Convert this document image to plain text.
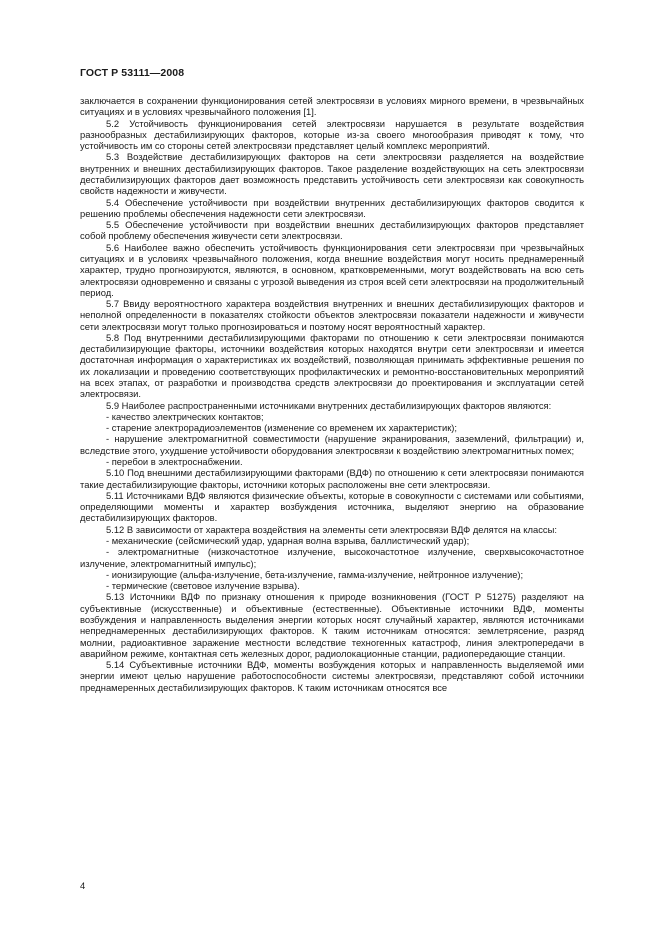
ГОСТ Р 53111—2008

заключается в сохранении функционирования сетей электросвязи в условиях мирного времени, в чрезвычайных ситуациях и в условиях чрезвычайного положения [1].

5.2 Устойчивость функционирования сетей электросвязи нарушается в результате воздействия разнообразных дестабилизирующих факторов, которые из-за своего многообразия приводят к тому, что устойчивость им со стороны сетей электросвязи представляет целый комплекс мероприятий.

5.3 Воздействие дестабилизирующих факторов на сети электросвязи разделяется на воздействие внутренних и внешних дестабилизирующих факторов. Такое разделение воздействующих на сеть электросвязи дестабилизирующих факторов дает возможность представить устойчивость сети электросвязи как совокупность свойств надежности и живучести.

5.4 Обеспечение устойчивости при воздействии внутренних дестабилизирующих факторов сводится к решению проблемы обеспечения надежности сети электросвязи.

5.5 Обеспечение устойчивости при воздействии внешних дестабилизирующих факторов представляет собой проблему обеспечения живучести сети электросвязи.

5.6 Наиболее важно обеспечить устойчивость функционирования сети электросвязи при чрезвычайных ситуациях и в условиях чрезвычайного положения, когда внешние воздействия могут носить преднамеренный характер, трудно прогнозируются, являются, в основном, кратковременными, могут воздействовать на всю сеть электросвязи одновременно и связаны с угрозой выведения из строя всей сети электросвязи на продолжительный период.

5.7 Ввиду вероятностного характера воздействия внутренних и внешних дестабилизирующих факторов и неполной определенности в показателях стойкости объектов электросвязи показатели надежности и живучести сети электросвязи могут только прогнозироваться и поэтому носят вероятностный характер.

5.8 Под внутренними дестабилизирующими факторами по отношению к сети электросвязи понимаются дестабилизирующие факторы, источники воздействия которых находятся внутри сети электросвязи и имеется достаточная информация о характеристиках их воздействий, позволяющая принимать эффективные решения по их локализации и проведению соответствующих профилактических и ремонтно-восстановительных мероприятий на всех этапах, от разработки и производства средств электросвязи до проектирования и эксплуатации сетей электросвязи.

5.9 Наиболее распространенными источниками внутренних дестабилизирующих факторов являются:

- качество электрических контактов;

- старение электрорадиоэлементов (изменение со временем их характеристик);

- нарушение электромагнитной совместимости (нарушение экранирования, заземлений, фильтрации) и, вследствие этого, ухудшение устойчивости оборудования электросвязи к воздействию электромагнитных помех;

- перебои в электроснабжении.

5.10 Под внешними дестабилизирующими факторами (ВДФ) по отношению к сети электросвязи понимаются такие дестабилизирующие факторы, источники которых расположены вне сети электросвязи.

5.11 Источниками ВДФ являются физические объекты, которые в совокупности с системами или событиями, определяющими моменты и характер возбуждения источника, выделяют энергию на образование дестабилизирующих факторов.

5.12 В зависимости от характера воздействия на элементы сети электросвязи ВДФ делятся на классы:

- механические (сейсмический удар, ударная волна взрыва, баллистический удар);

- электромагнитные (низкочастотное излучение, высокочастотное излучение, сверхвысокочастотное излучение, электромагнитный импульс);

- ионизирующие (альфа-излучение, бета-излучение, гамма-излучение, нейтронное излучение);

- термические (световое излучение взрыва).

5.13 Источники ВДФ по признаку отношения к природе возникновения (ГОСТ Р 51275) разделяют на субъективные (искусственные) и объективные (естественные). Объективные источники ВДФ, моменты возбуждения и направленность выделения энергии которых носят случайный характер, являются источниками непреднамеренных дестабилизирующих факторов. К таким источникам относятся: землетрясение, разряд молнии, радиоактивное заражение местности вследствие техногенных катастроф, линия электропередачи в аварийном режиме, контактная сеть железных дорог, радиолокационные станции, радиопередающие станции.

5.14 Субъективные источники ВДФ, моменты возбуждения которых и направленность выделяемой ими энергии имеют целью нарушение работоспособности системы электросвязи, представляют собой источники преднамеренных дестабилизирующих факторов. К таким источникам относятся все

4
